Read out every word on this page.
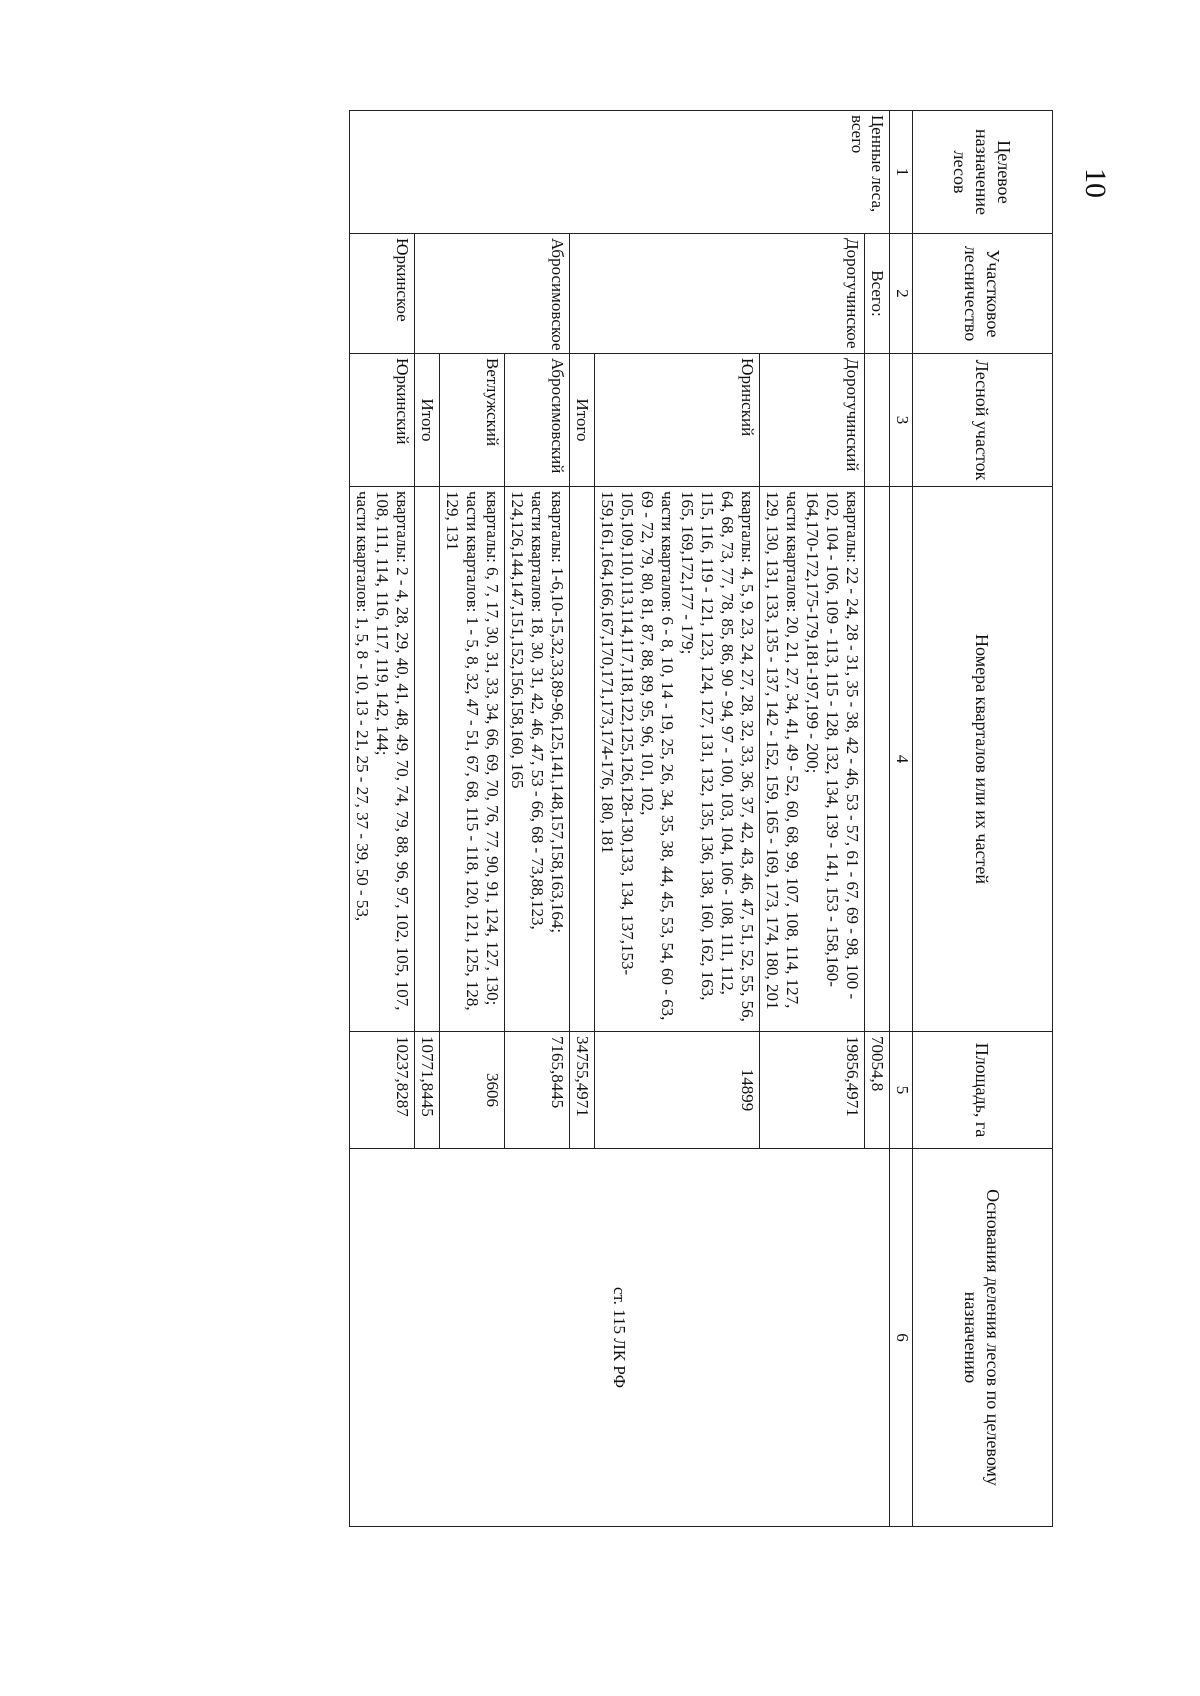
10
Целевое назначение лесов	Участковое лесничество	Лесной участок	Номера кварталов или их частей	Площадь, га	Основания деления лесов по целевому назначению
1	2	3	4	5	6
Ценные леса, всего	Всего:			70054,8	ст. 115 ЛК РФ
	Дорогучинское	Дорогучинский	кварталы: 22 - 24, 28 - 31, 35 - 38, 42 - 46, 53 - 57, 61 - 67, 69 - 98, 100 - 102, 104 - 106, 109 - 113, 115 - 128, 132, 134, 139 - 141, 153 - 158,160-164,170-172,175-179,181-197,199 - 200;
части кварталов: 20, 21, 27, 34, 41, 49 - 52, 60, 68, 99, 107, 108, 114, 127, 129, 130, 131, 133, 135 - 137, 142 - 152, 159, 165 - 169, 173, 174, 180, 201	19856,4971	
		Юринский	кварталы: 4, 5, 9, 23, 24, 27, 28, 32, 33, 36, 37, 42, 43, 46, 47, 51, 52, 55, 56, 64, 68, 73, 77, 78, 85, 86, 90 - 94, 97 - 100, 103, 104, 106 - 108, 111, 112, 115, 116, 119 - 121, 123, 124, 127, 131, 132, 135, 136, 138, 160, 162, 163, 165, 169,172,177 - 179;
части кварталов: 6 - 8, 10, 14 - 19, 25, 26, 34, 35, 38, 44, 45, 53, 54, 60 - 63, 69 - 72, 79, 80, 81, 87, 88, 89, 95, 96, 101, 102, 105,109,110,113,114,117,118,122,125,126,128-130,133, 134, 137,153-159,161,164,166,167,170,171,173,174-176, 180, 181	14899	
		Итого		34755,4971	
	Абросимовское	Абросимовский	кварталы: 1-6,10-15,32,33,89-96,125,141,148,157,158,163,164;
части кварталов: 18, 30, 31, 42, 46, 47, 53 - 66, 68 - 73,88,123, 124,126,144,147,151,152,156,158,160, 165	7165,8445	
		Ветлужский	кварталы: 6, 7, 17, 30, 31, 33, 34, 66, 69, 70, 76, 77, 90, 91, 124, 127, 130;
части кварталов: 1 - 5, 8, 32, 47 - 51, 67, 68, 115 - 118, 120, 121, 125, 128, 129, 131	3606	
		Итого		10771,8445	
	Юркинское	Юркинский	кварталы: 2 - 4, 28, 29, 40, 41, 48, 49, 70, 74, 79, 88, 96, 97, 102, 105, 107, 108, 111, 114, 116, 117, 119, 142, 144;
части кварталов: 1, 5, 8 - 10, 13 - 21, 25 - 27, 37 - 39, 50 - 53,	10237,8287	
